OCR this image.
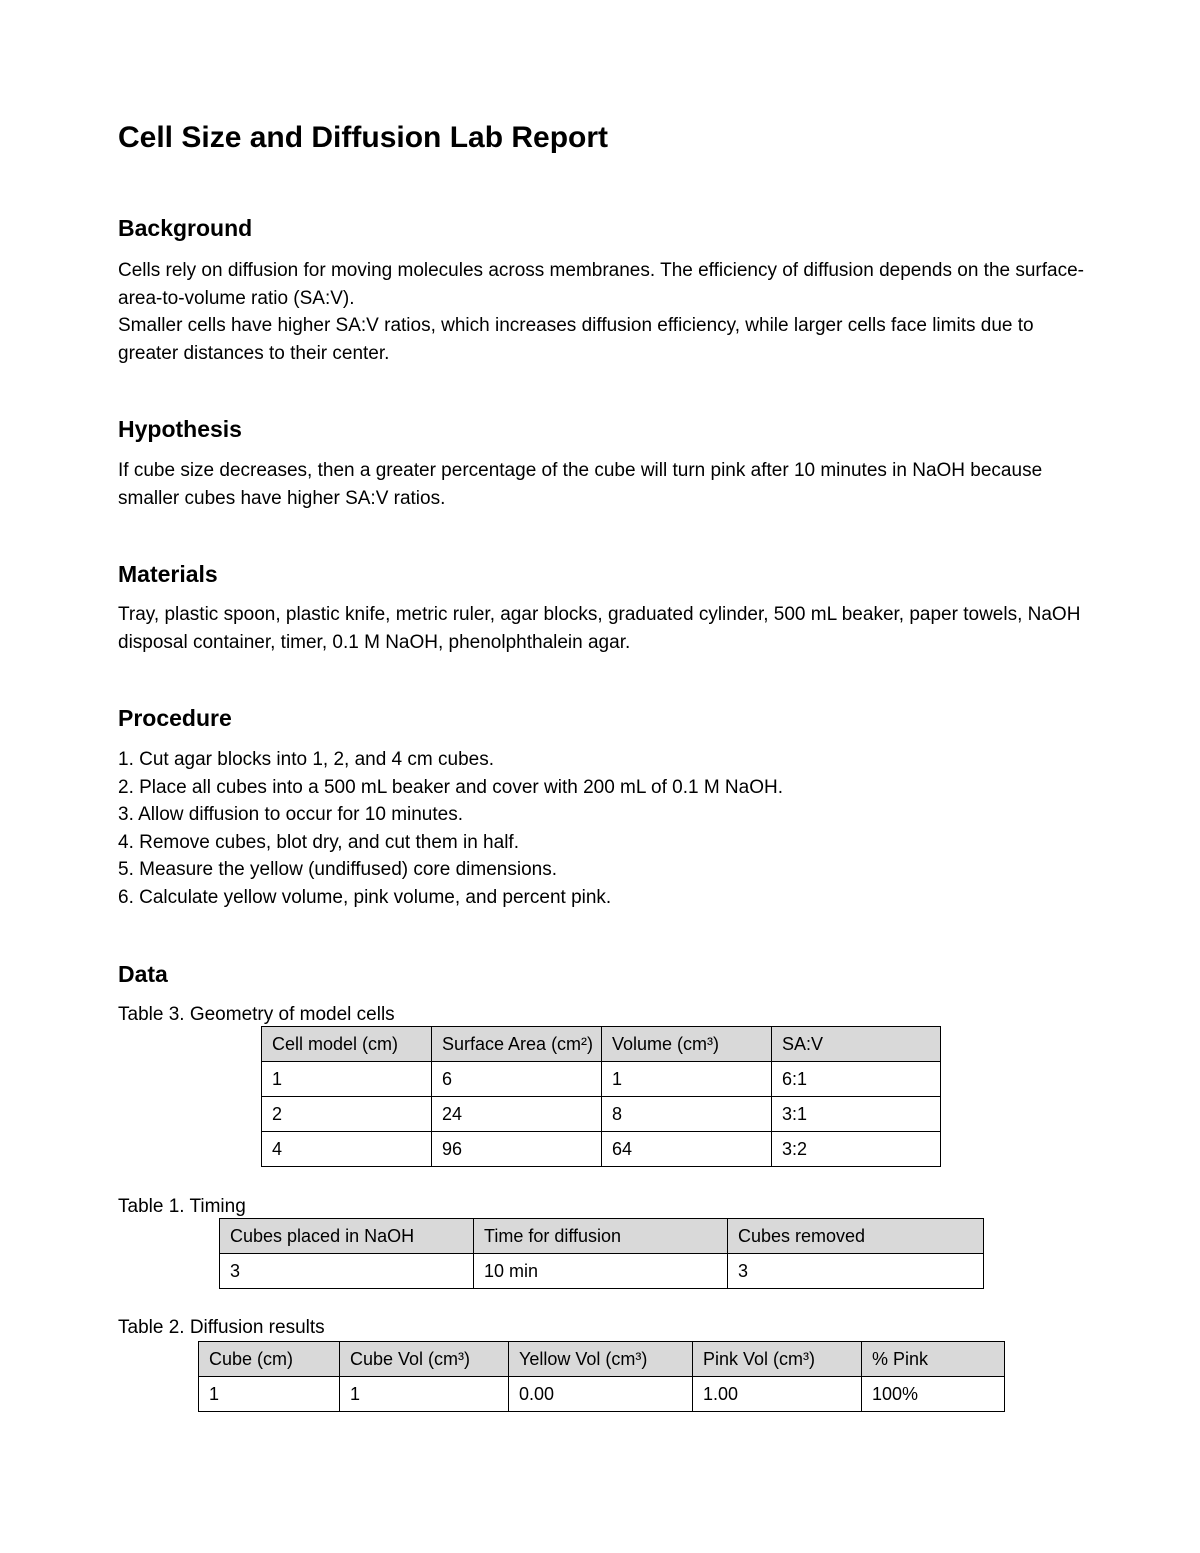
Cell Size and Diffusion Lab Report
Background

Cells rely on diffusion for moving molecules across membranes. The efficiency of diffusion depends on the surface-area-to-volume ratio (SA:V).

Smaller cells have higher SA:V ratios, which increases diffusion efficiency, while larger cells face limits due to greater distances to their center.

Hypothesis

If cube size decreases, then a greater percentage of the cube will turn pink after 10 minutes in NaOH because smaller cubes have higher SA:V ratios.

Materials

Tray, plastic spoon, plastic knife, metric ruler, agar blocks, graduated cylinder, 500 mL beaker, paper towels, NaOH disposal container, timer, 0.1 M NaOH, phenolphthalein agar.

Procedure
1. Cut agar blocks into 1, 2, and 4 cm cubes.
2. Place all cubes into a 500 mL beaker and cover with 200 mL of 0.1 M NaOH.
3. Allow diffusion to occur for 10 minutes.
4. Remove cubes, blot dry, and cut them in half.
5. Measure the yellow (undiffused) core dimensions.
6. Calculate yellow volume, pink volume, and percent pink.
Data

Table 3. Geometry of model cells

Cell model (cm)	Surface Area (cm²)	Volume (cm³)	SA:V
1	6	1	6:1
2	24	8	3:1
4	96	64	3:2

Table 1. Timing

Cubes placed in NaOH	Time for diffusion	Cubes removed
3	10 min	3

Table 2. Diffusion results

Cube (cm)	Cube Vol (cm³)	Yellow Vol (cm³)	Pink Vol (cm³)	% Pink
1	1	0.00	1.00	100%
